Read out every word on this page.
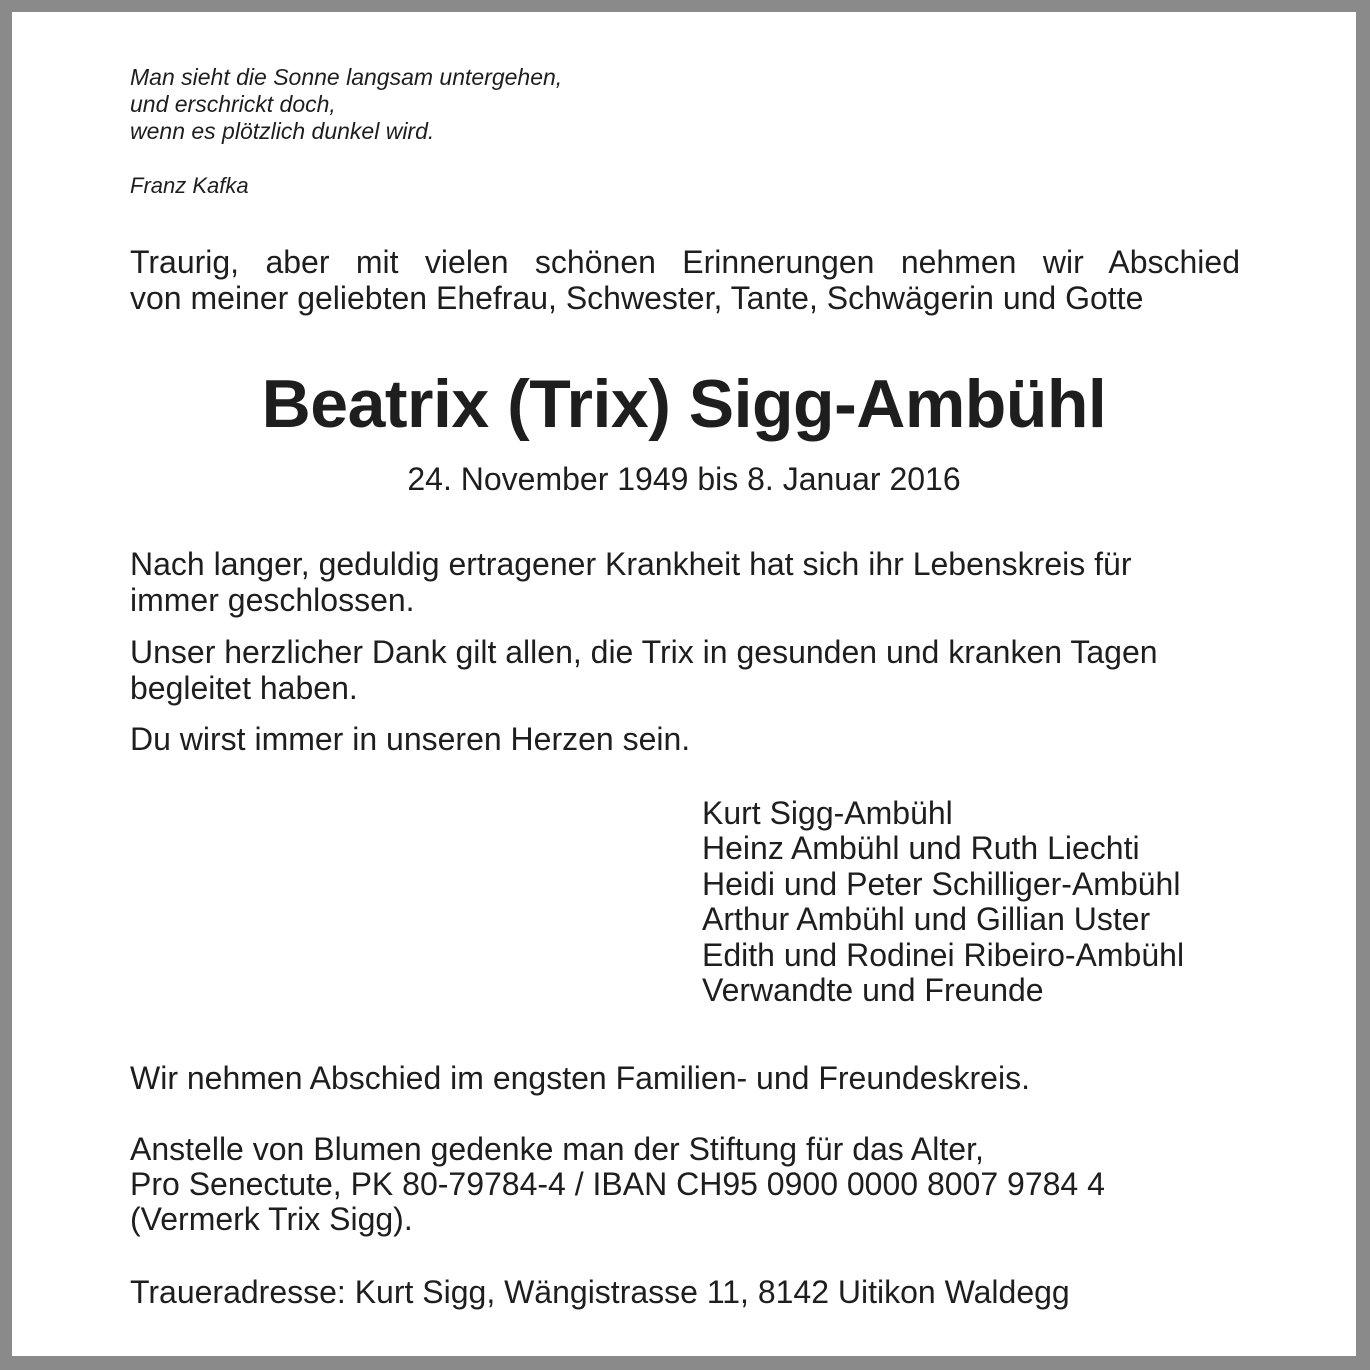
Man sieht die Sonne langsam untergehen,
und erschrickt doch,
wenn es plötzlich dunkel wird.
Franz Kafka
Traurig, aber mit vielen schönen Erinnerungen nehmen wir Abschied
von meiner geliebten Ehefrau, Schwester, Tante, Schwägerin und Gotte
Beatrix (Trix) Sigg-Ambühl
24. November 1949 bis 8. Januar 2016
Nach langer, geduldig ertragener Krankheit hat sich ihr Lebenskreis für
immer geschlossen.
Unser herzlicher Dank gilt allen, die Trix in gesunden und kranken Tagen
begleitet haben.
Du wirst immer in unseren Herzen sein.
Kurt Sigg-Ambühl
Heinz Ambühl und Ruth Liechti
Heidi und Peter Schilliger-Ambühl
Arthur Ambühl und Gillian Uster
Edith und Rodinei Ribeiro-Ambühl
Verwandte und Freunde
Wir nehmen Abschied im engsten Familien- und Freundeskreis.
Anstelle von Blumen gedenke man der Stiftung für das Alter,
Pro Senectute, PK 80-79784-4 / IBAN CH95 0900 0000 8007 9784 4
(Vermerk Trix Sigg).
Traueradresse: Kurt Sigg, Wängistrasse 11, 8142 Uitikon Waldegg
